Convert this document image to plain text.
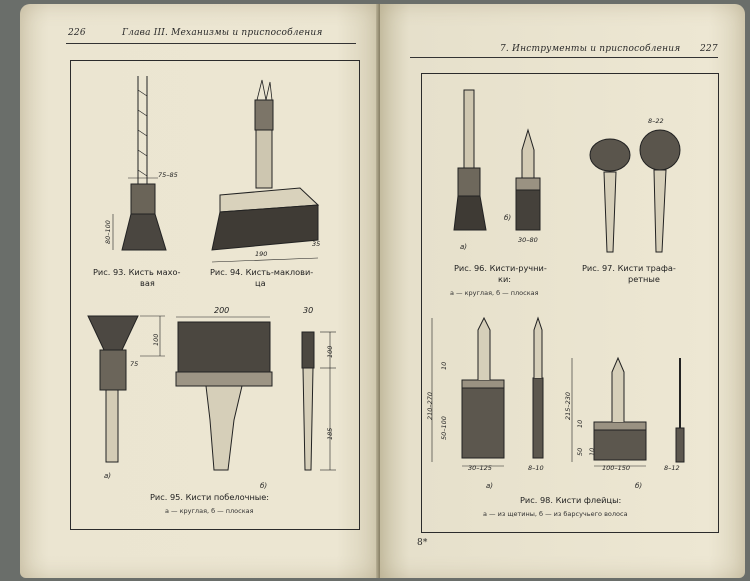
226	Глава III. Механизмы и приспособления
75–85
80–100
Рис. 93. Кисть махо-
вая
190
35
Рис. 94. Кисть-маклови-
ца
200	30
100
75
100
185
а)
б)
Рис. 95. Кисти побелочные:
а — круглая, б — плоская
7. Инструменты и приспособления 227
а)
б)
30–80
Рис. 96. Кисти-ручни-
ки:
а — круглая, б — плоская
8–22
Рис. 97. Кисти трафа-
ретные
210–270
10
50–100
30–125	8–10
215–230
10
50 10
100–150	8–12
а)	б)
Рис. 98. Кисти флейцы:
а — из щетины, б — из барсучьего волоса
8*
